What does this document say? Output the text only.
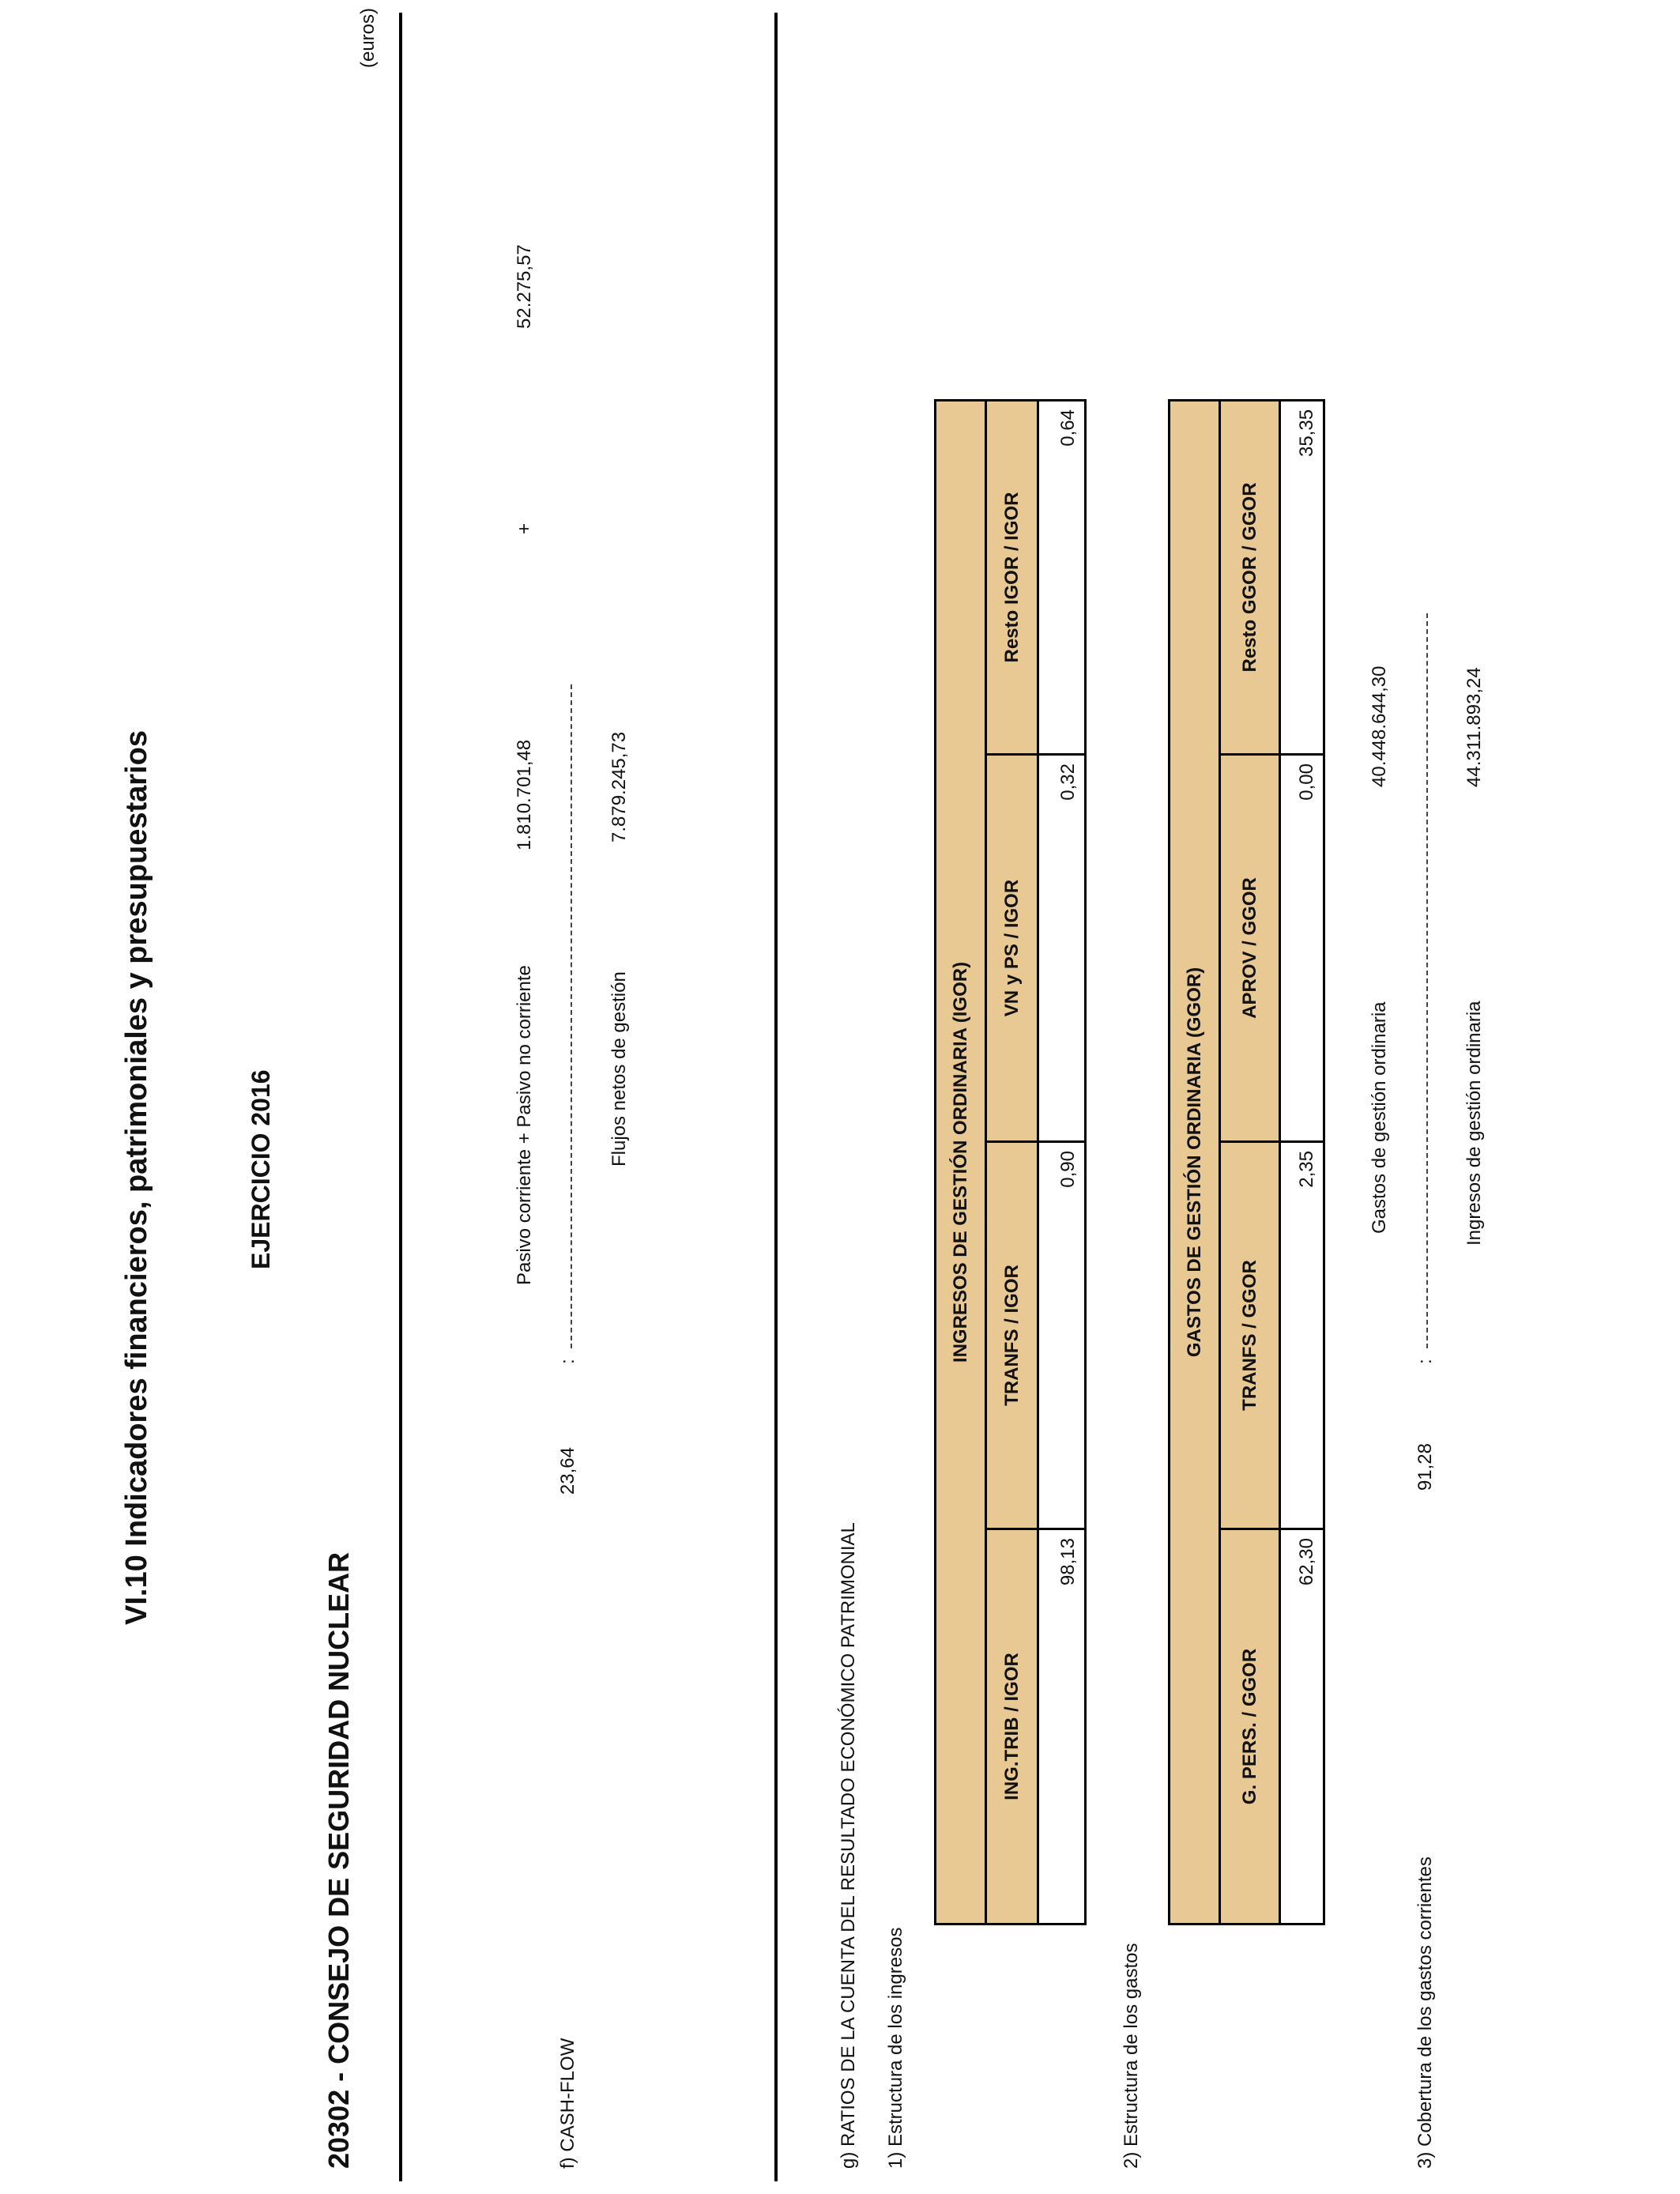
VI.10 Indicadores financieros, patrimoniales y presupuestarios	EJERCICIO 2016
20302 - CONSEJO DE SEGURIDAD NUCLEAR
(euros)
f) CASH-FLOW
23,64
:
Pasivo corriente + Pasivo no corriente
1.810.701,48
+
52.275,57
Flujos netos de gestión
7.879.245,73
g) RATIOS DE LA CUENTA DEL RESULTADO ECONÓMICO PATRIMONIAL 1) Estructura de los ingresos
INGRESOS DE GESTIÓN ORDINARIA (IGOR)			
ING.TRIB / IGOR	TRANFS / IGOR	VN y PS / IGOR	Resto IGOR / IGOR
98,13	0,90	0,32	0,64
2) Estructura de los gastos
GASTOS DE GESTIÓN ORDINARIA (GGOR)			
G. PERS. / GGOR	TRANFS / GGOR	APROV / GGOR	Resto GGOR / GGOR
62,30	2,35	0,00	35,35
3) Cobertura de los gastos corrientes
91,28
:
Gastos de gestión ordinaria
40.448.644,30
Ingresos de gestión ordinaria
44.311.893,24
